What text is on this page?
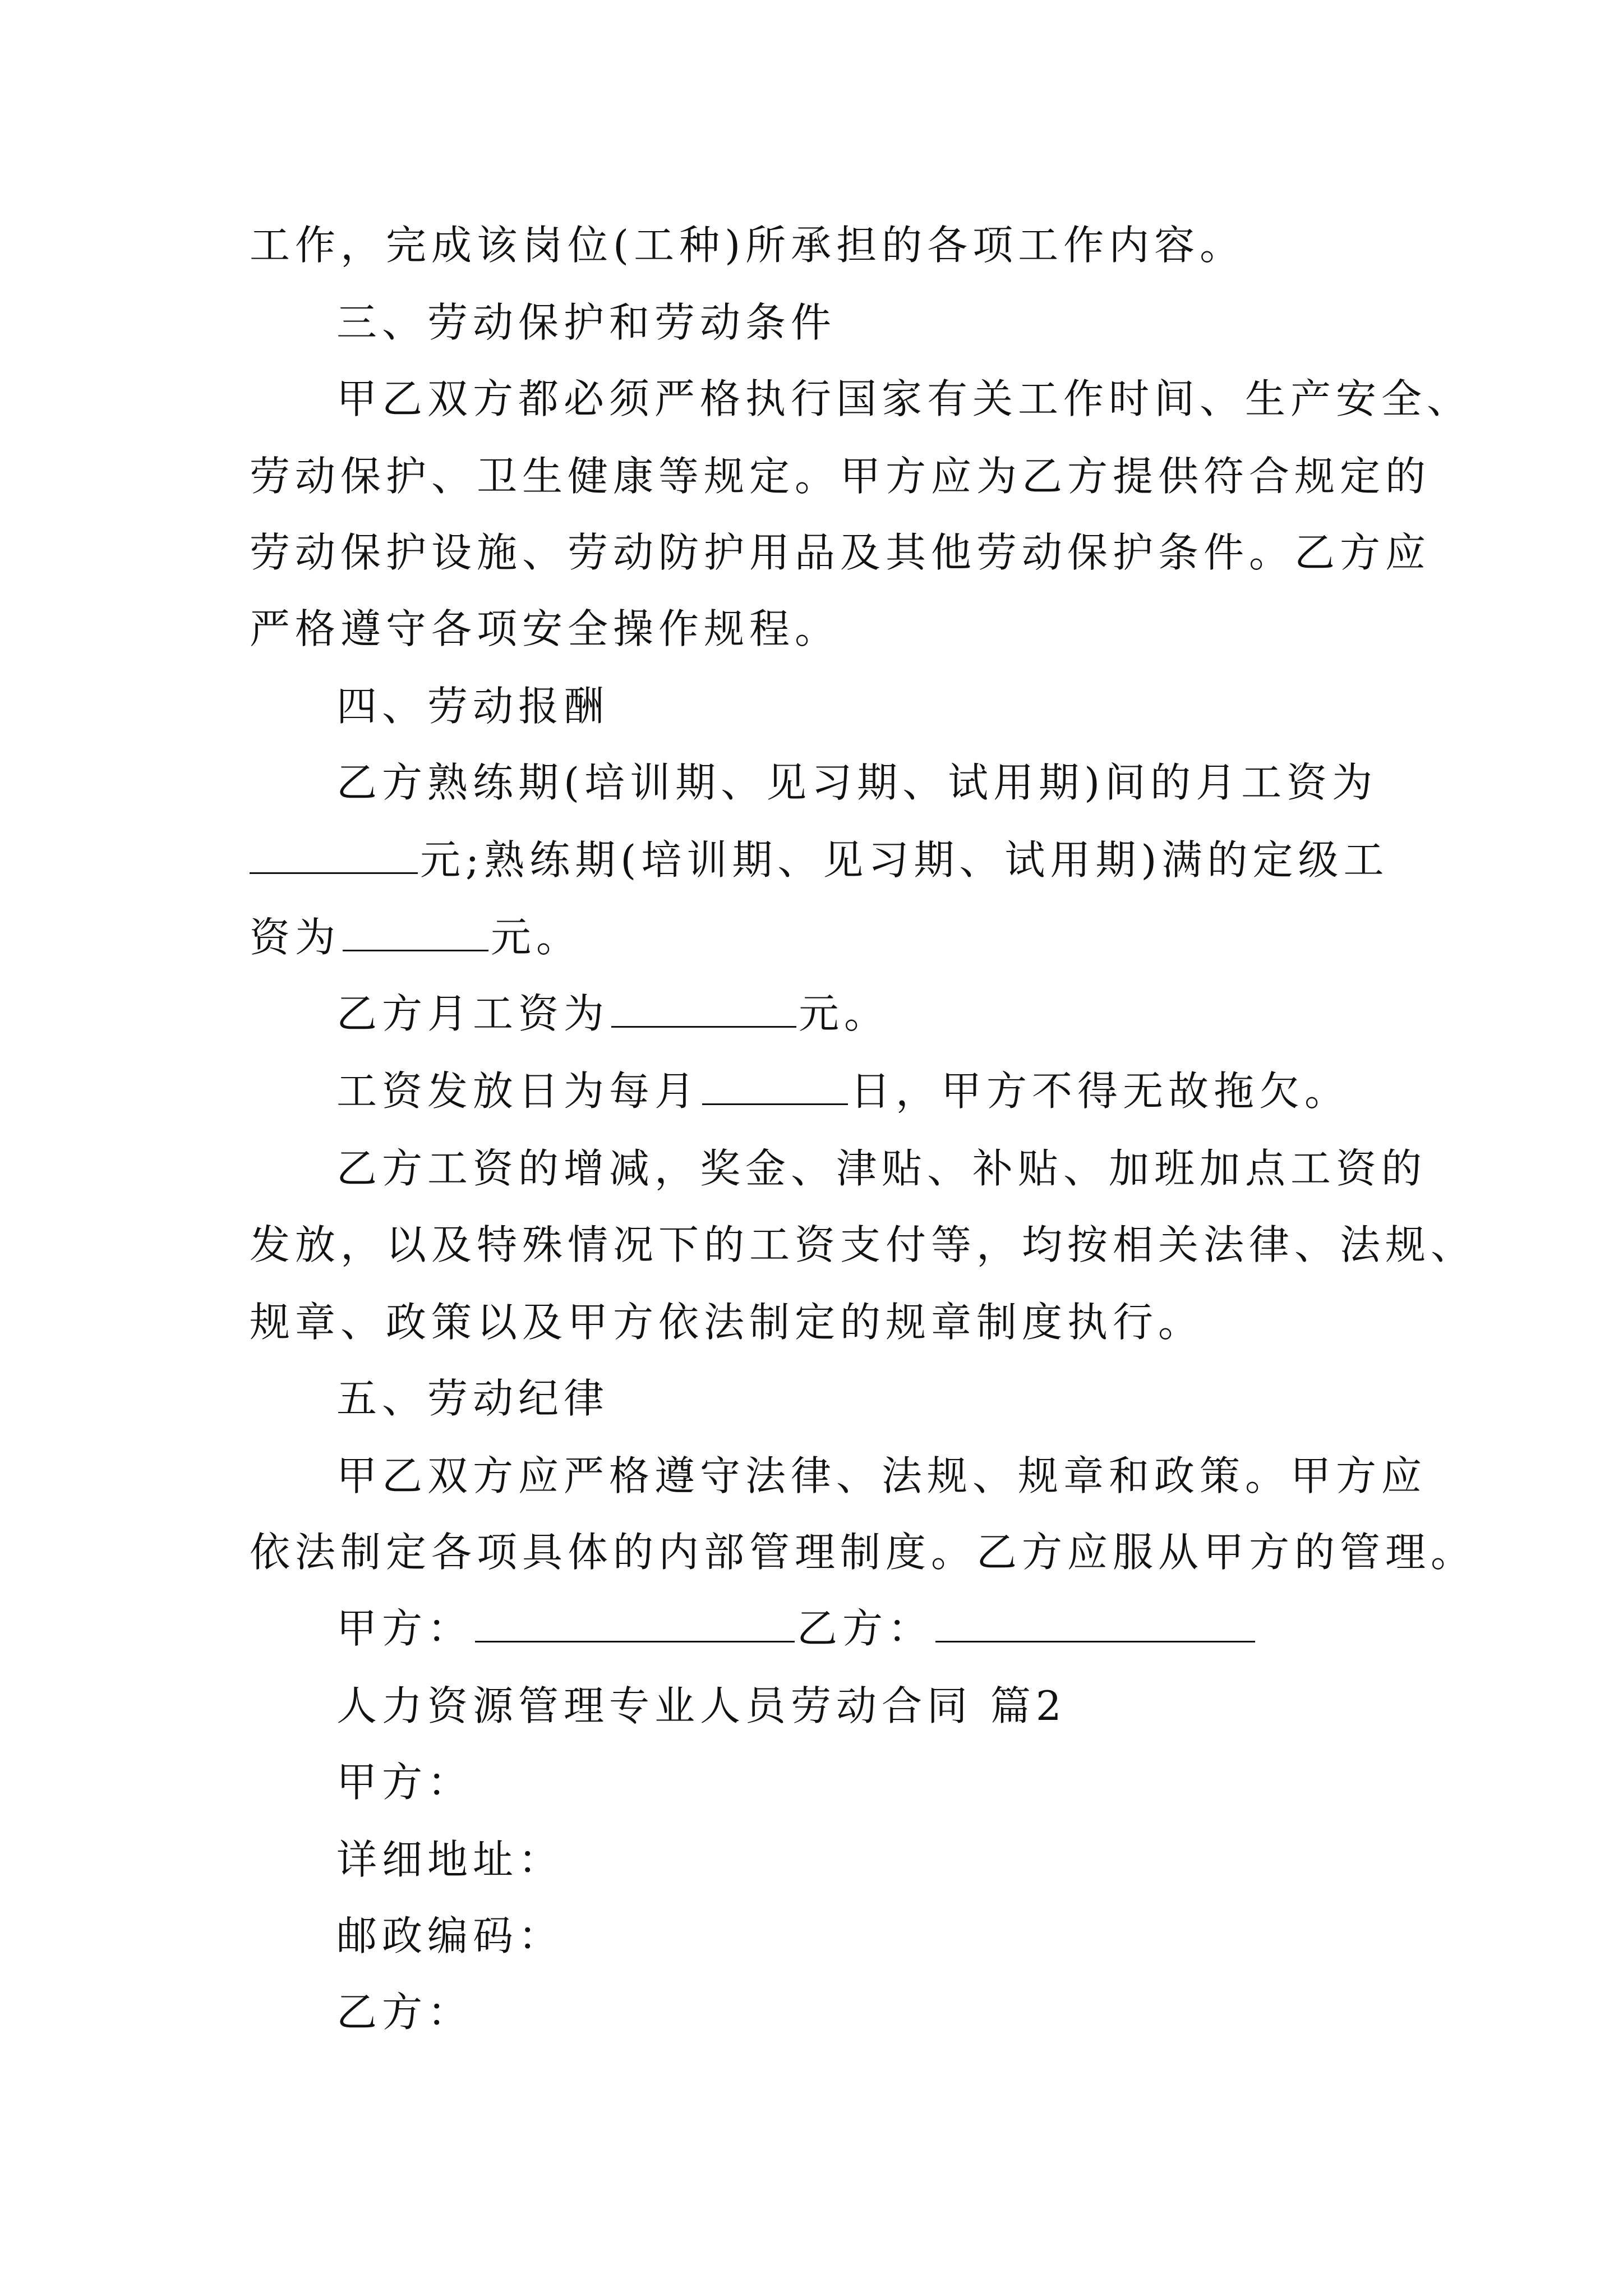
工作，完成该岗位(工种)所承担的各项工作内容。
三、劳动保护和劳动条件
甲乙双方都必须严格执行国家有关工作时间、生产安全、
劳动保护、卫生健康等规定。甲方应为乙方提供符合规定的
劳动保护设施、劳动防护用品及其他劳动保护条件。乙方应
严格遵守各项安全操作规程。
四、劳动报酬
乙方熟练期(培训期、见习期、试用期)间的月工资为
元;熟练期(培训期、见习期、试用期)满的定级工
资为	元。
乙方月工资为	元。
工资发放日为每月	日，甲方不得无故拖欠。
乙方工资的增减，奖金、津贴、补贴、加班加点工资的
发放，以及特殊情况下的工资支付等，均按相关法律、法规、
规章、政策以及甲方依法制定的规章制度执行。
五、劳动纪律
甲乙双方应严格遵守法律、法规、规章和政策。甲方应
依法制定各项具体的内部管理制度。乙方应服从甲方的管理。
甲方：	乙方：
人力资源管理专业人员劳动合同 篇2
甲方：
详细地址：
邮政编码：
乙方：
